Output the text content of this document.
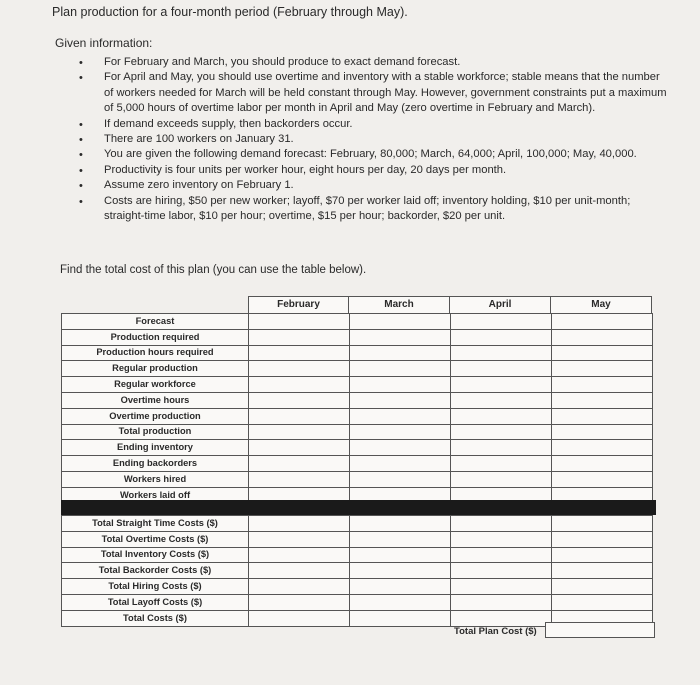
Plan production for a four-month period (February through May).
Given information:
• For February and March, you should produce to exact demand forecast.
• For April and May, you should use overtime and inventory with a stable workforce; stable means that the number of workers needed for March will be held constant through May. However, government constraints put a maximum of 5,000 hours of overtime labor per month in April and May (zero overtime in February and March).
• If demand exceeds supply, then backorders occur.
• There are 100 workers on January 31.
• You are given the following demand forecast: February, 80,000; March, 64,000; April, 100,000; May, 40,000.
• Productivity is four units per worker hour, eight hours per day, 20 days per month.
• Assume zero inventory on February 1.
• Costs are hiring, $50 per new worker; layoff, $70 per worker laid off; inventory holding, $10 per unit-month; straight-time labor, $10 per hour; overtime, $15 per hour; backorder, $20 per unit.
Find the total cost of this plan (you can use the table below).
February	March	April	May
Forecast				
Production required				
Production hours required				
Regular production				
Regular workforce				
Overtime hours				
Overtime production				
Total production				
Ending inventory				
Ending backorders				
Workers hired				
Workers laid off				
Total Straight Time Costs ($)				
Total Overtime Costs ($)				
Total Inventory Costs ($)				
Total Backorder Costs ($)				
Total Hiring Costs ($)				
Total Layoff Costs ($)				
Total Costs ($)				
Total Plan Cost ($)
